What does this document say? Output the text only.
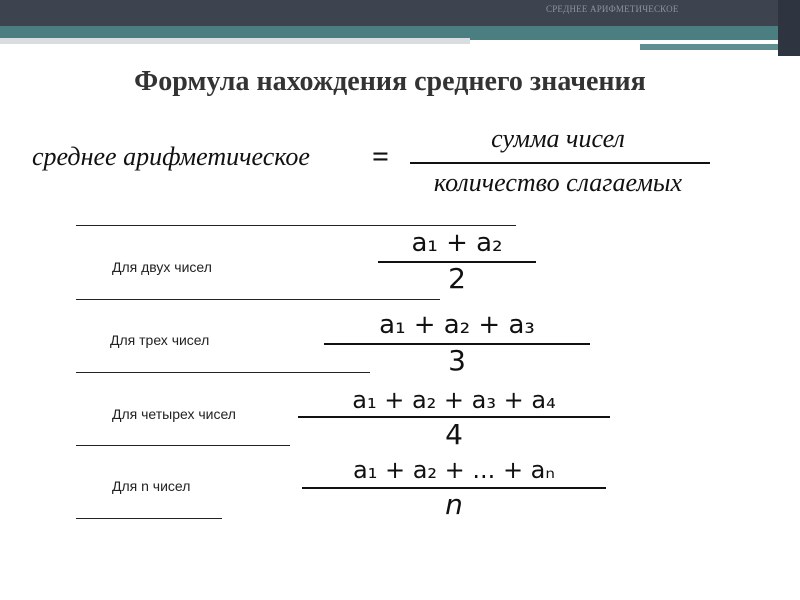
СРЕДНЕЕ АРИФМЕТИЧЕСКОЕ
Формула нахождения среднего значения
среднее арифметическое =
сумма чисел
количество слагаемых
Для двух чисел
a₁ + a₂
2
Для трех чисел	a₁ + a₂ + a₃
3
Для четырех чисел	a₁ + a₂ + a₃ + a₄
4
Для n чисел
a₁ + a₂ + ... + aₙ
n
